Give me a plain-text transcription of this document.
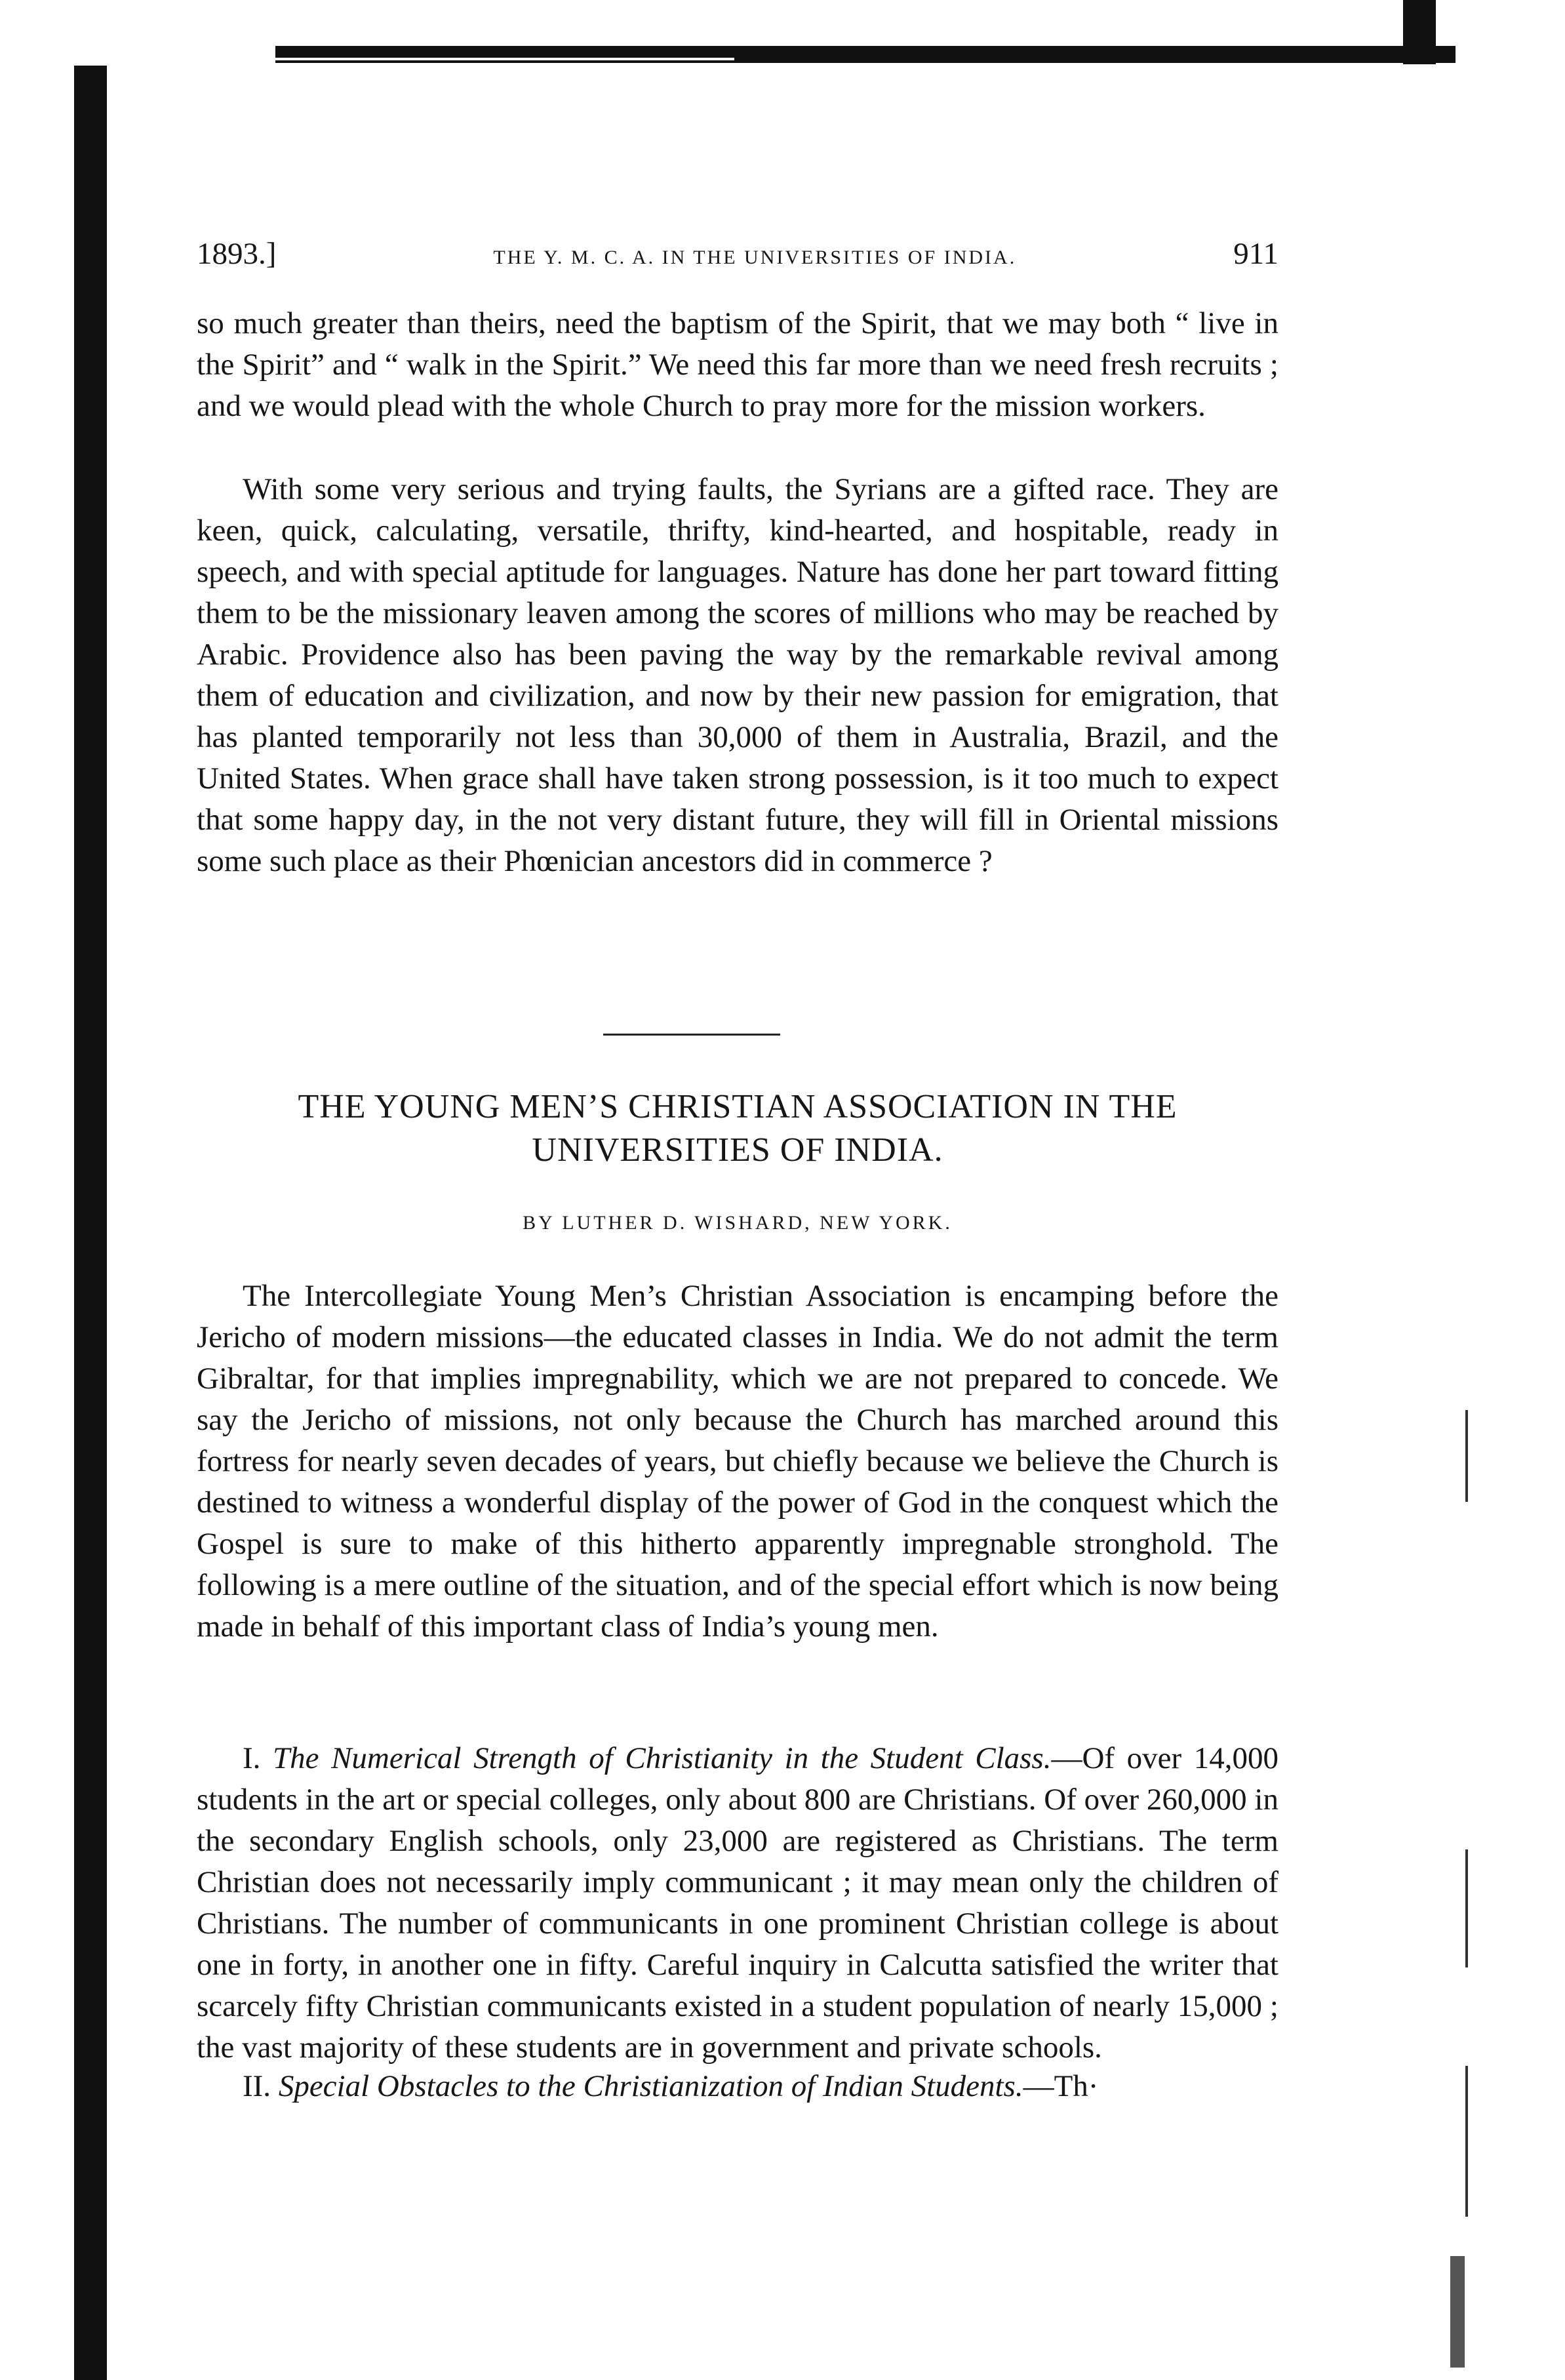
1893.]	THE Y. M. C. A. IN THE UNIVERSITIES OF INDIA.	911

so much greater than theirs, need the baptism of the Spirit, that we may both “ live in the Spirit” and “ walk in the Spirit.” We need this far more than we need fresh recruits ; and we would plead with the whole Church to pray more for the mission workers.

With some very serious and trying faults, the Syrians are a gifted race. They are keen, quick, calculating, versatile, thrifty, kind-hearted, and hospitable, ready in speech, and with special aptitude for languages. Nature has done her part toward fitting them to be the missionary leaven among the scores of millions who may be reached by Arabic. Providence also has been paving the way by the remarkable revival among them of education and civilization, and now by their new passion for emigration, that has planted temporarily not less than 30,000 of them in Australia, Brazil, and the United States. When grace shall have taken strong possession, is it too much to expect that some happy day, in the not very distant future, they will fill in Oriental missions some such place as their Phœnician ancestors did in commerce ?

THE YOUNG MEN’S CHRISTIAN ASSOCIATION IN THE UNIVERSITIES OF INDIA.
BY LUTHER D. WISHARD, NEW YORK.

The Intercollegiate Young Men’s Christian Association is encamping before the Jericho of modern missions—the educated classes in India. We do not admit the term Gibraltar, for that implies impregnability, which we are not prepared to concede. We say the Jericho of missions, not only because the Church has marched around this fortress for nearly seven decades of years, but chiefly because we believe the Church is destined to witness a wonderful display of the power of God in the conquest which the Gospel is sure to make of this hitherto apparently impregnable stronghold. The following is a mere outline of the situation, and of the special effort which is now being made in behalf of this important class of India’s young men.

I. The Numerical Strength of Christianity in the Student Class.—Of over 14,000 students in the art or special colleges, only about 800 are Christians. Of over 260,000 in the secondary English schools, only 23,000 are registered as Christians. The term Christian does not necessarily imply communicant ; it may mean only the children of Christians. The number of communicants in one prominent Christian college is about one in forty, in another one in fifty. Careful inquiry in Calcutta satisfied the writer that scarcely fifty Christian communicants existed in a student population of nearly 15,000 ; the vast majority of these students are in government and private schools.

II. Special Obstacles to the Christianization of Indian Students.—Th·
